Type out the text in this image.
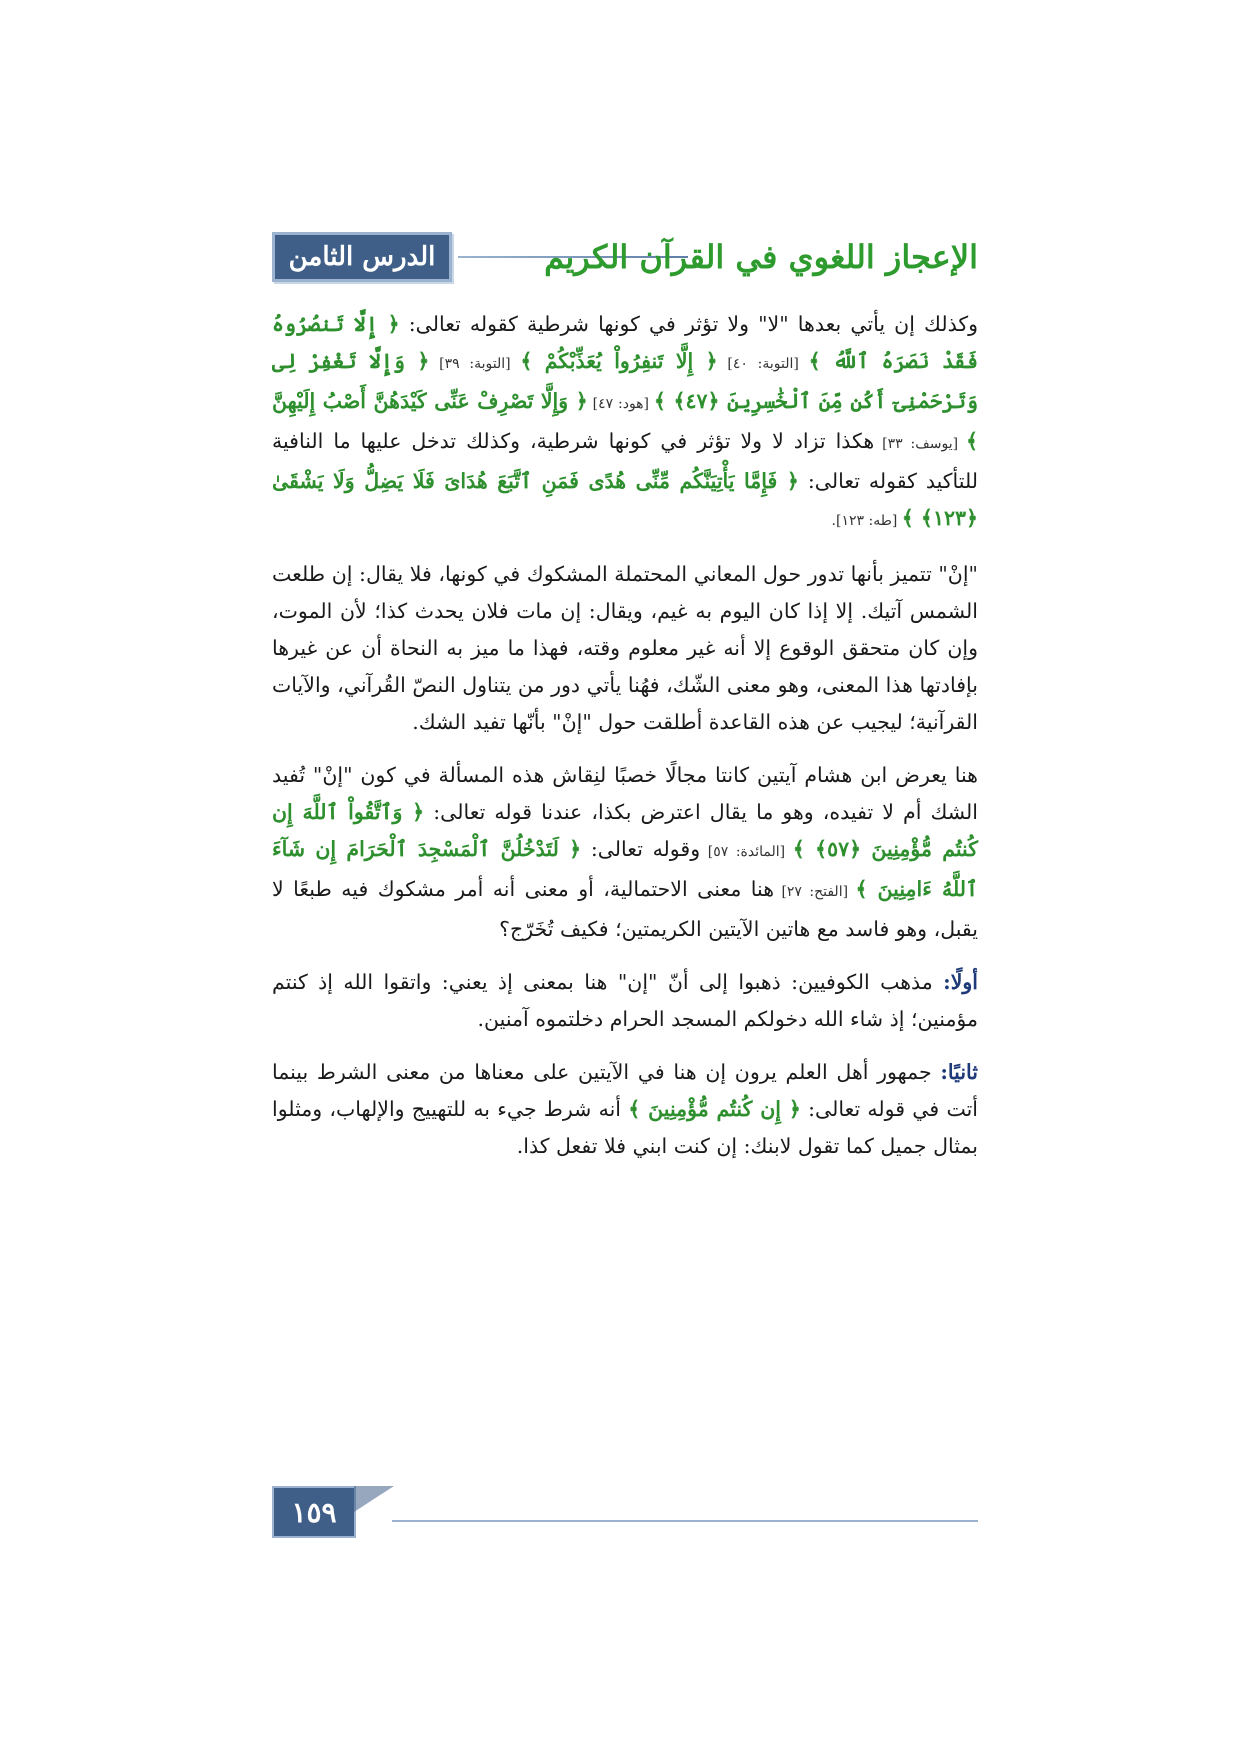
الدرس الثامن	الإعجاز اللغوي في القرآن الكريم

وكذلك إن يأتي بعدها "لا" ولا تؤثر في كونها شرطية كقوله تعالى: ﴿ إِلَّا تَنصُرُوهُ فَقَدْ نَصَرَهُ ٱللَّهُ ﴾ [التوبة: ٤٠] ﴿ إِلَّا تَنفِرُواْ يُعَذِّبْكُمْ ﴾ [التوبة: ٣٩] ﴿ وَإِلَّا تَغْفِرْ لِى وَتَرْحَمْنِىٓ أَكُن مِّنَ ٱلْخَٰسِرِينَ ﴿٤٧﴾ ﴾ [هود: ٤٧] ﴿ وَإِلَّا تَصْرِفْ عَنِّى كَيْدَهُنَّ أَصْبُ إِلَيْهِنَّ ﴾ [يوسف: ٣٣] هكذا تزاد لا ولا تؤثر في كونها شرطية، وكذلك تدخل عليها ما النافية للتأكيد كقوله تعالى: ﴿ فَإِمَّا يَأْتِيَنَّكُم مِّنِّى هُدًى فَمَنِ ٱتَّبَعَ هُدَاىَ فَلَا يَضِلُّ وَلَا يَشْقَىٰ ﴿١٢٣﴾ ﴾ [طه: ١٢٣].

"إنْ" تتميز بأنها تدور حول المعاني المحتملة المشكوك في كونها، فلا يقال: إن طلعت الشمس آتيك. إلا إذا كان اليوم به غيم، ويقال: إن مات فلان يحدث كذا؛ لأن الموت، وإن كان متحقق الوقوع إلا أنه غير معلوم وقته، فهذا ما ميز به النحاة أن عن غيرها بإفادتها هذا المعنى، وهو معنى الشّك، فهُنا يأتي دور من يتناول النصّ القُرآني، والآيات القرآنية؛ ليجيب عن هذه القاعدة أطلقت حول "إنْ" بأنّها تفيد الشك.

هنا يعرض ابن هشام آيتين كانتا مجالًا خصبًا لنِقاش هذه المسألة في كون "إنْ" تُفيد الشك أم لا تفيده، وهو ما يقال اعترض بكذا، عندنا قوله تعالى: ﴿ وَٱتَّقُواْ ٱللَّهَ إِن كُنتُم مُّؤْمِنِينَ ﴿٥٧﴾ ﴾ [المائدة: ٥٧] وقوله تعالى: ﴿ لَتَدْخُلُنَّ ٱلْمَسْجِدَ ٱلْحَرَامَ إِن شَآءَ ٱللَّهُ ءَامِنِينَ ﴾ [الفتح: ٢٧] هنا معنى الاحتمالية، أو معنى أنه أمر مشكوك فيه طبعًا لا يقبل، وهو فاسد مع هاتين الآيتين الكريمتين؛ فكيف تُخَرّج؟

أولًا: مذهب الكوفيين: ذهبوا إلى أنّ "إن" هنا بمعنى إذ يعني: واتقوا الله إذ كنتم مؤمنين؛ إذ شاء الله دخولكم المسجد الحرام دخلتموه آمنين.

ثانيًا: جمهور أهل العلم يرون إن هنا في الآيتين على معناها من معنى الشرط بينما أتت في قوله تعالى: ﴿ إِن كُنتُم مُّؤْمِنِينَ ﴾ أنه شرط جيء به للتهييج والإلهاب، ومثلوا بمثال جميل كما تقول لابنك: إن كنت ابني فلا تفعل كذا.

١٥٩
